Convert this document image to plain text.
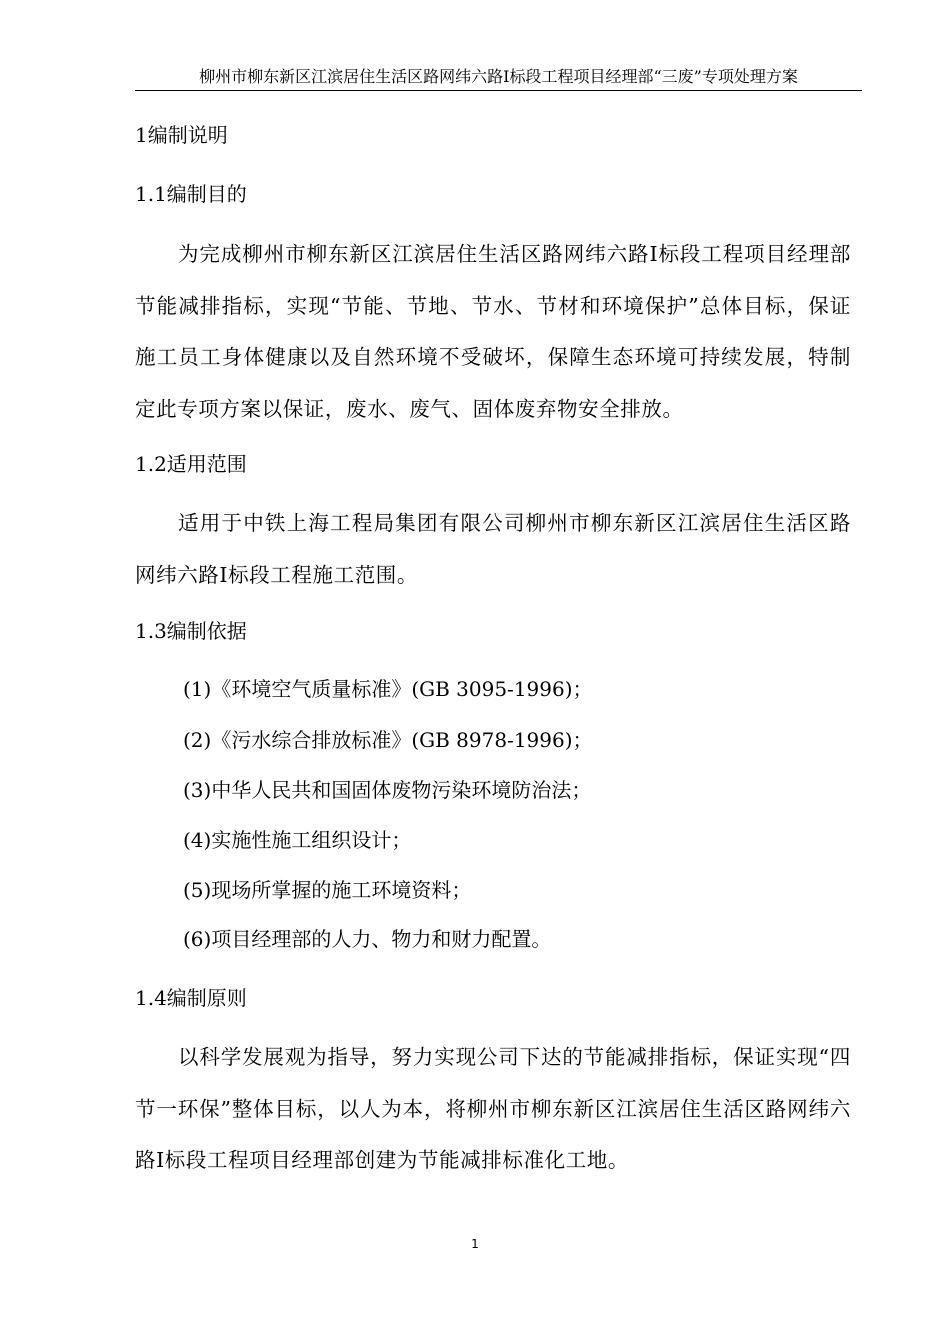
柳州市柳东新区江滨居住生活区路网纬六路Ⅰ标段工程项目经理部“三废”专项处理方案
1编制说明
1.1编制目的
为完成柳州市柳东新区江滨居住生活区路网纬六路Ⅰ标段工程项目经理部节能减排指标，实现“节能、节地、节水、节材和环境保护”总体目标，保证施工员工身体健康以及自然环境不受破坏，保障生态环境可持续发展，特制定此专项方案以保证，废水、废气、固体废弃物安全排放。
1.2适用范围
适用于中铁上海工程局集团有限公司柳州市柳东新区江滨居住生活区路网纬六路Ⅰ标段工程施工范围。
1.3编制依据
(1)《环境空气质量标准》(GB 3095-1996)；
(2)《污水综合排放标准》(GB 8978-1996)；
(3)中华人民共和国固体废物污染环境防治法；
(4)实施性施工组织设计；
(5)现场所掌握的施工环境资料；
(6)项目经理部的人力、物力和财力配置。
1.4编制原则
以科学发展观为指导，努力实现公司下达的节能减排指标，保证实现“四节一环保”整体目标，以人为本，将柳州市柳东新区江滨居住生活区路网纬六路Ⅰ标段工程项目经理部创建为节能减排标准化工地。
1
